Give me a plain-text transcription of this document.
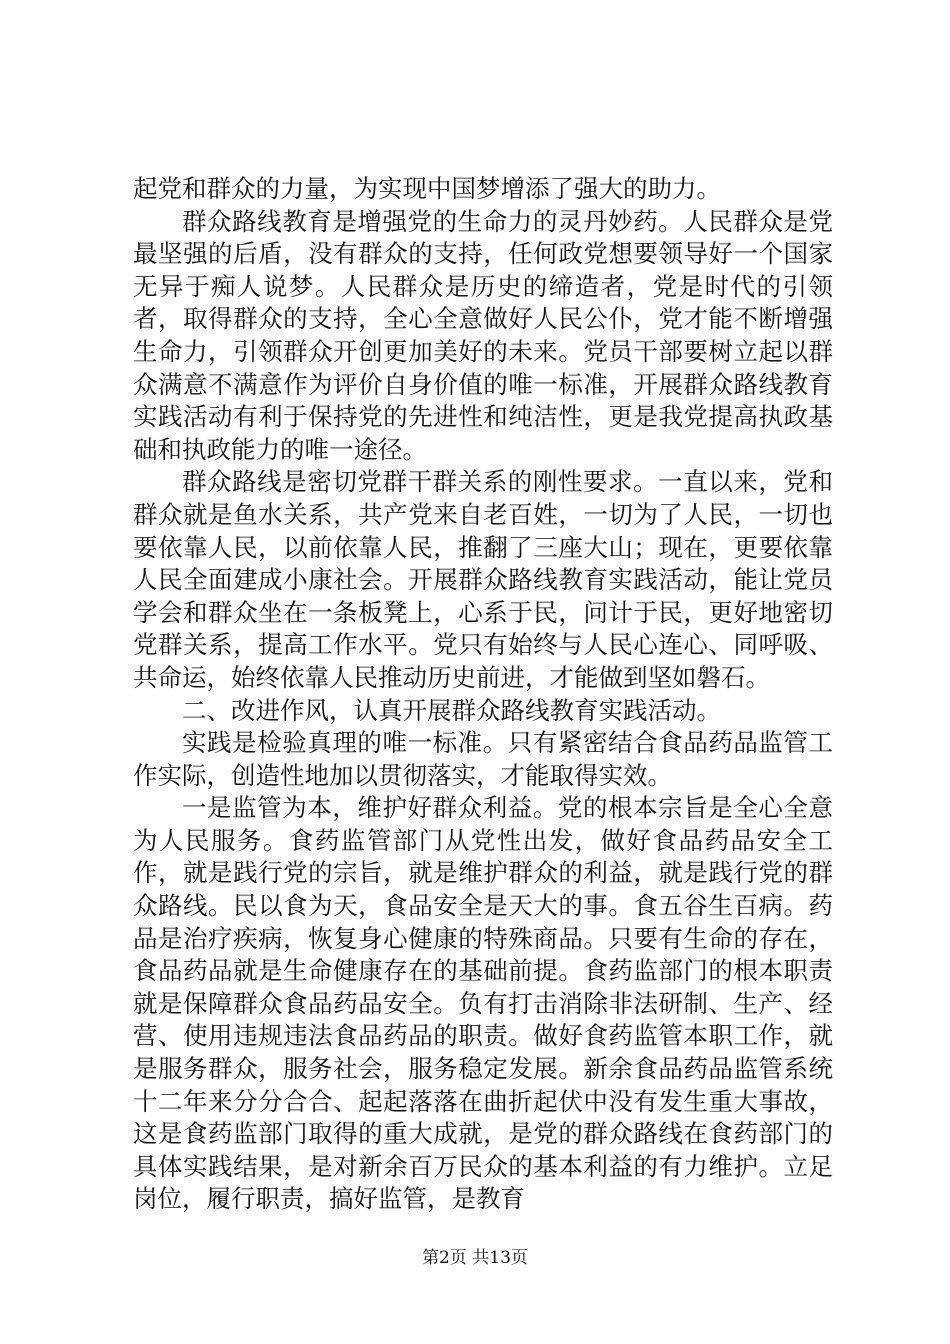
起党和群众的力量，为实现中国梦增添了强大的助力。

群众路线教育是增强党的生命力的灵丹妙药。人民群众是党最坚强的后盾，没有群众的支持，任何政党想要领导好一个国家无异于痴人说梦。人民群众是历史的缔造者，党是时代的引领者，取得群众的支持，全心全意做好人民公仆，党才能不断增强生命力，引领群众开创更加美好的未来。党员干部要树立起以群众满意不满意作为评价自身价值的唯一标准，开展群众路线教育实践活动有利于保持党的先进性和纯洁性，更是我党提高执政基础和执政能力的唯一途径。

群众路线是密切党群干群关系的刚性要求。一直以来，党和群众就是鱼水关系，共产党来自老百姓，一切为了人民，一切也要依靠人民，以前依靠人民，推翻了三座大山；现在，更要依靠人民全面建成小康社会。开展群众路线教育实践活动，能让党员学会和群众坐在一条板凳上，心系于民，问计于民，更好地密切党群关系，提高工作水平。党只有始终与人民心连心、同呼吸、共命运，始终依靠人民推动历史前进，才能做到坚如磐石。

二、改进作风，认真开展群众路线教育实践活动。

实践是检验真理的唯一标准。只有紧密结合食品药品监管工作实际，创造性地加以贯彻落实，才能取得实效。

一是监管为本，维护好群众利益。党的根本宗旨是全心全意为人民服务。食药监管部门从党性出发，做好食品药品安全工作，就是践行党的宗旨，就是维护群众的利益，就是践行党的群众路线。民以食为天，食品安全是天大的事。食五谷生百病。药品是治疗疾病，恢复身心健康的特殊商品。只要有生命的存在，食品药品就是生命健康存在的基础前提。食药监部门的根本职责就是保障群众食品药品安全。负有打击消除非法研制、生产、经营、使用违规违法食品药品的职责。做好食药监管本职工作，就是服务群众，服务社会，服务稳定发展。新余食品药品监管系统十二年来分分合合、起起落落在曲折起伏中没有发生重大事故，这是食药监部门取得的重大成就，是党的群众路线在食药部门的具体实践结果，是对新余百万民众的基本利益的有力维护。立足岗位，履行职责，搞好监管，是教育

第2页 共13页
